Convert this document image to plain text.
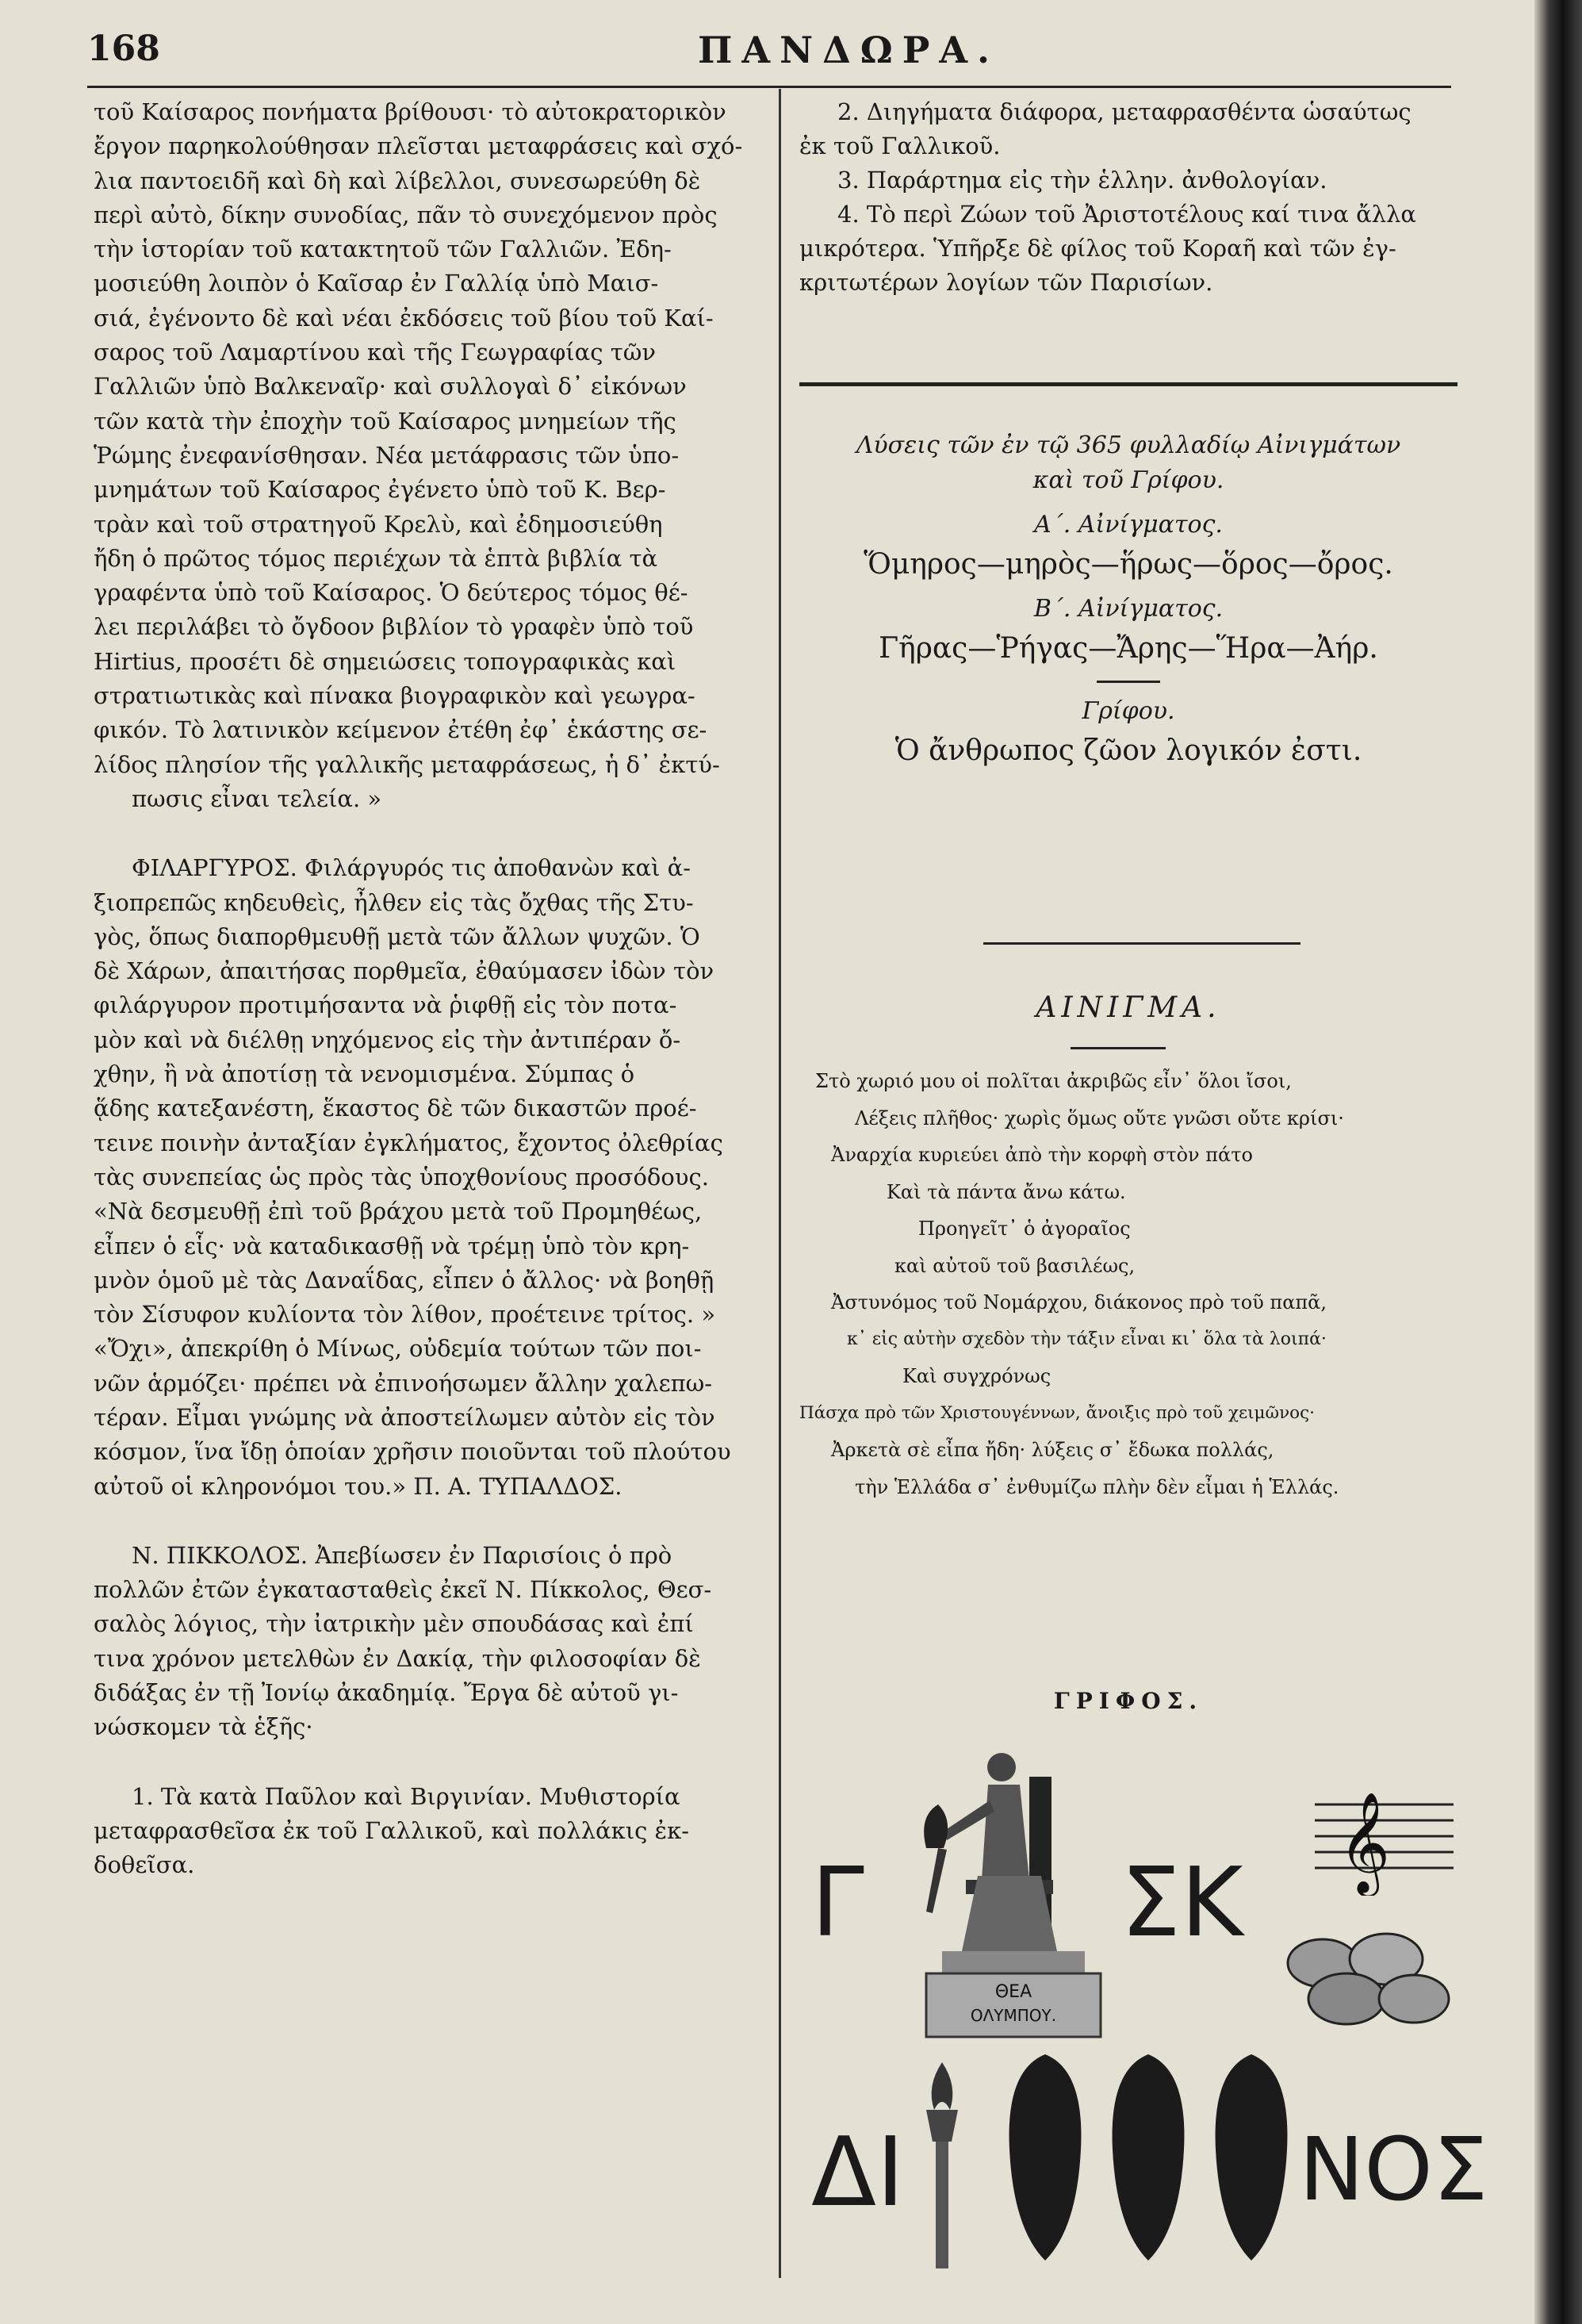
168	ΠΑΝΔΩΡΑ.

τοῦ Καίσαρος πονήματα βρίθουσι· τὸ αὐτοκρατορικὸν

ἔργον παρηκολούθησαν πλεῖσται μεταφράσεις καὶ σχό-

λια παντοειδῆ καὶ δὴ καὶ λίβελλοι, συνεσωρεύθη δὲ

περὶ αὐτὸ, δίκην συνοδίας, πᾶν τὸ συνεχόμενον πρὸς

τὴν ἱστορίαν τοῦ κατακτητοῦ τῶν Γαλλιῶν. Ἐδη-

μοσιεύθη λοιπὸν ὁ Καῖσαρ ἐν Γαλλίᾳ ὑπὸ Μαισ-

σιά, ἐγένοντο δὲ καὶ νέαι ἐκδόσεις τοῦ βίου τοῦ Καί-

σαρος τοῦ Λαμαρτίνου καὶ τῆς Γεωγραφίας τῶν

Γαλλιῶν ὑπὸ Βαλκεναῖρ· καὶ συλλογαὶ δ᾽ εἰκόνων

τῶν κατὰ τὴν ἐποχὴν τοῦ Καίσαρος μνημείων τῆς

Ῥώμης ἐνεφανίσθησαν. Νέα μετάφρασις τῶν ὑπο-

μνημάτων τοῦ Καίσαρος ἐγένετο ὑπὸ τοῦ Κ. Βερ-

τρὰν καὶ τοῦ στρατηγοῦ Κρελὺ, καὶ ἐδημοσιεύθη

ἤδη ὁ πρῶτος τόμος περιέχων τὰ ἑπτὰ βιβλία τὰ

γραφέντα ὑπὸ τοῦ Καίσαρος. Ὁ δεύτερος τόμος θέ-

λει περιλάβει τὸ ὄγδοον βιβλίον τὸ γραφὲν ὑπὸ τοῦ

Hirtius, προσέτι δὲ σημειώσεις τοπογραφικὰς καὶ

στρατιωτικὰς καὶ πίνακα βιογραφικὸν καὶ γεωγρα-

φικόν. Τὸ λατινικὸν κείμενον ἐτέθη ἐφ᾽ ἑκάστης σε-

λίδος πλησίον τῆς γαλλικῆς μεταφράσεως, ἡ δ᾽ ἐκτύ-

πωσις εἶναι τελεία. »

ΦΙΛΑΡΓΥΡΟΣ. Φιλάργυρός τις ἀποθανὼν καὶ ἀ-

ξιοπρεπῶς κηδευθεὶς, ἦλθεν εἰς τὰς ὄχθας τῆς Στυ-

γὸς, ὅπως διαπορθμευθῇ μετὰ τῶν ἄλλων ψυχῶν. Ὁ

δὲ Χάρων, ἀπαιτήσας πορθμεῖα, ἐθαύμασεν ἰδὼν τὸν

φιλάργυρον προτιμήσαντα νὰ ῥιφθῇ εἰς τὸν ποτα-

μὸν καὶ νὰ διέλθῃ νηχόμενος εἰς τὴν ἀντιπέραν ὄ-

χθην, ἢ νὰ ἀποτίσῃ τὰ νενομισμένα. Σύμπας ὁ

ᾅδης κατεξανέστη, ἕκαστος δὲ τῶν δικαστῶν προέ-

τεινε ποινὴν ἀνταξίαν ἐγκλήματος, ἔχοντος ὀλεθρίας

τὰς συνεπείας ὡς πρὸς τὰς ὑποχθονίους προσόδους.

«Νὰ δεσμευθῇ ἐπὶ τοῦ βράχου μετὰ τοῦ Προμηθέως,

εἶπεν ὁ εἷς· νὰ καταδικασθῇ νὰ τρέμῃ ὑπὸ τὸν κρη-

μνὸν ὁμοῦ μὲ τὰς Δαναΐδας, εἶπεν ὁ ἄλλος· νὰ βοηθῇ

τὸν Σίσυφον κυλίοντα τὸν λίθον, προέτεινε τρίτος. »

«Ὄχι», ἀπεκρίθη ὁ Μίνως, οὐδεμία τούτων τῶν ποι-

νῶν ἁρμόζει· πρέπει νὰ ἐπινοήσωμεν ἄλλην χαλεπω-

τέραν. Εἶμαι γνώμης νὰ ἀποστείλωμεν αὐτὸν εἰς τὸν

κόσμον, ἵνα ἴδῃ ὁποίαν χρῆσιν ποιοῦνται τοῦ πλούτου

αὐτοῦ οἱ κληρονόμοι του.» Π. Α. ΤΥΠΑΛΔΟΣ.

Ν. ΠΙΚΚΟΛΟΣ. Ἀπεβίωσεν ἐν Παρισίοις ὁ πρὸ

πολλῶν ἐτῶν ἐγκατασταθεὶς ἐκεῖ Ν. Πίκκολος, Θεσ-

σαλὸς λόγιος, τὴν ἰατρικὴν μὲν σπουδάσας καὶ ἐπί

τινα χρόνον μετελθὼν ἐν Δακίᾳ, τὴν φιλοσοφίαν δὲ

διδάξας ἐν τῇ Ἰονίῳ ἀκαδημίᾳ. Ἔργα δὲ αὐτοῦ γι-

νώσκομεν τὰ ἑξῆς·

1. Τὰ κατὰ Παῦλον καὶ Βιργινίαν. Μυθιστορία

μεταφρασθεῖσα ἐκ τοῦ Γαλλικοῦ, καὶ πολλάκις ἐκ-

δοθεῖσα.

2. Διηγήματα διάφορα, μεταφρασθέντα ὡσαύτως

ἐκ τοῦ Γαλλικοῦ.

3. Παράρτημα εἰς τὴν ἑλλην. ἀνθολογίαν.

4. Τὸ περὶ Ζώων τοῦ Ἀριστοτέλους καί τινα ἄλλα

μικρότερα. Ὑπῆρξε δὲ φίλος τοῦ Κοραῆ καὶ τῶν ἐγ-

κριτωτέρων λογίων τῶν Παρισίων.

Λύσεις τῶν ἐν τῷ 365 φυλλαδίῳ Αἰνιγμάτων
καὶ τοῦ Γρίφου.
Α΄. Αἰνίγματος.
Ὅμηρος—μηρὸς—ἥρως—ὅρος—ὄρος.
Β΄. Αἰνίγματος.
Γῆρας—Ῥήγας—Ἄρης—Ἥρα—Ἀήρ.
Γρίφου.
Ὁ ἄνθρωπος ζῶον λογικόν ἐστι.
ΑΙΝΙΓΜΑ.

Στὸ χωριό μου οἱ πολῖται ἀκριβῶς εἶν᾽ ὅλοι ἴσοι,

Λέξεις πλῆθος· χωρὶς ὅμως οὔτε γνῶσι οὔτε κρίσι·

Ἀναρχία κυριεύει ἀπὸ τὴν κορφὴ στὸν πάτο

Καὶ τὰ πάντα ἄνω κάτω.

Προηγεῖτ᾽ ὁ ἀγοραῖος

καὶ αὐτοῦ τοῦ βασιλέως,

Ἀστυνόμος τοῦ Νομάρχου, διάκονος πρὸ τοῦ παπᾶ,

κ᾽ εἰς αὐτὴν σχεδὸν τὴν τάξιν εἶναι κι᾽ ὅλα τὰ λοιπά·

Καὶ συγχρόνως

Πάσχα πρὸ τῶν Χριστουγέννων, ἄνοιξις πρὸ τοῦ χειμῶνος·

Ἀρκετὰ σὲ εἶπα ἤδη· λύξεις σ᾽ ἔδωκα πολλάς,

τὴν Ἑλλάδα σ᾽ ἐνθυμίζω πλὴν δὲν εἶμαι ἡ Ἑλλάς.

ΓΡΙΦΟΣ.
Γ	ΣΚ
ΔΙ	ΝΟΣ
ΘΕΑ
ΟΛΥΜΠΟΥ.
𝄞
